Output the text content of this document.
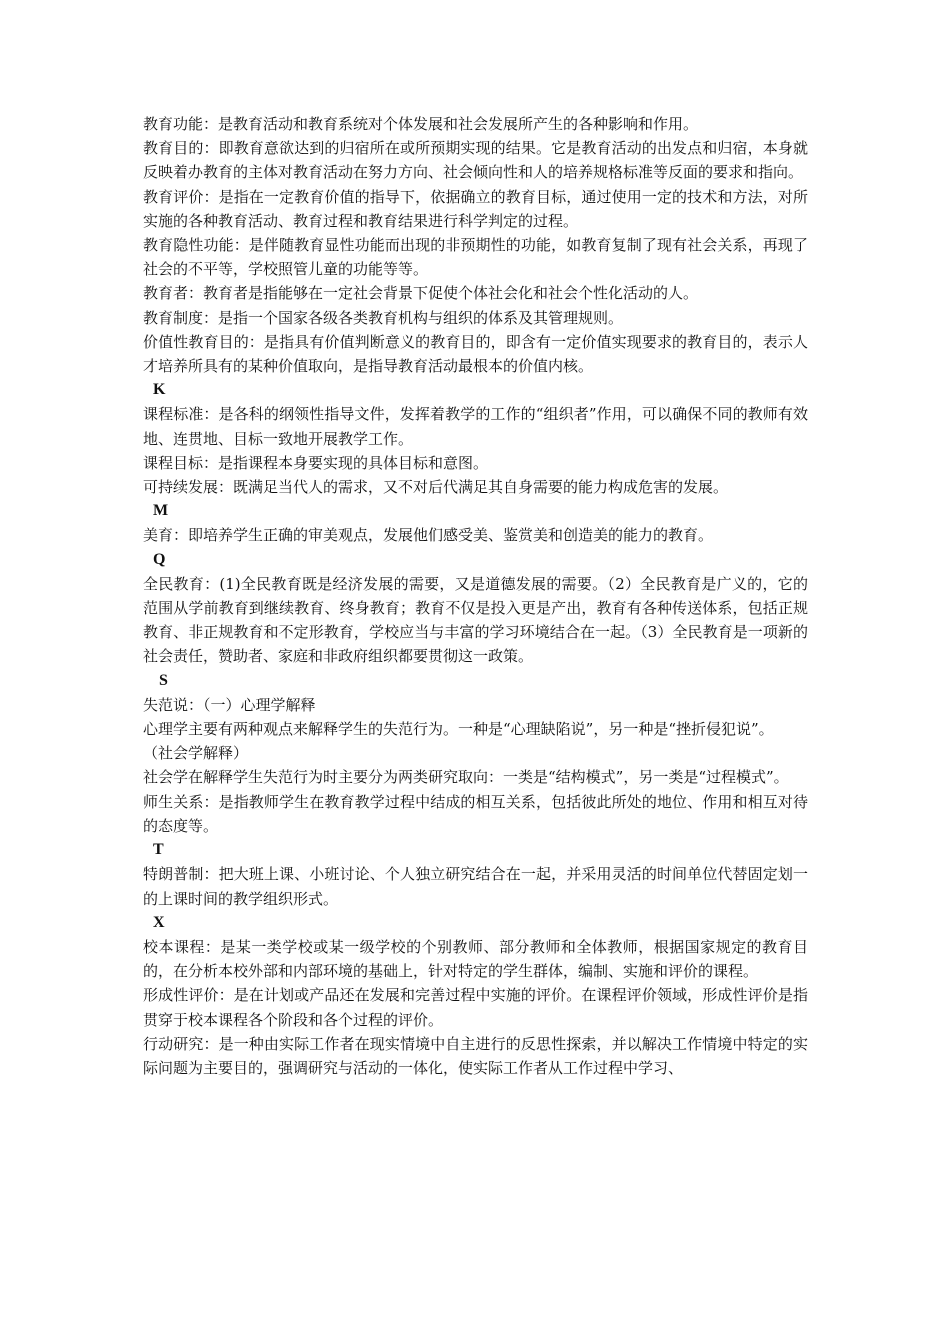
教育功能：是教育活动和教育系统对个体发展和社会发展所产生的各种影响和作用。

教育目的：即教育意欲达到的归宿所在或所预期实现的结果。它是教育活动的出发点和归宿，本身就反映着办教育的主体对教育活动在努力方向、社会倾向性和人的培养规格标准等反面的要求和指向。

教育评价：是指在一定教育价值的指导下，依据确立的教育目标，通过使用一定的技术和方法，对所实施的各种教育活动、教育过程和教育结果进行科学判定的过程。

教育隐性功能：是伴随教育显性功能而出现的非预期性的功能，如教育复制了现有社会关系，再现了社会的不平等，学校照管儿童的功能等等。

教育者：教育者是指能够在一定社会背景下促使个体社会化和社会个性化活动的人。

教育制度：是指一个国家各级各类教育机构与组织的体系及其管理规则。

价值性教育目的：是指具有价值判断意义的教育目的，即含有一定价值实现要求的教育目的，表示人才培养所具有的某种价值取向，是指导教育活动最根本的价值内核。

K

课程标准：是各科的纲领性指导文件，发挥着教学的工作的“组织者”作用，可以确保不同的教师有效地、连贯地、目标一致地开展教学工作。

课程目标：是指课程本身要实现的具体目标和意图。

可持续发展：既满足当代人的需求，又不对后代满足其自身需要的能力构成危害的发展。

M

美育：即培养学生正确的审美观点，发展他们感受美、鉴赏美和创造美的能力的教育。

Q

全民教育：(1)全民教育既是经济发展的需要，又是道德发展的需要。（2）全民教育是广义的，它的范围从学前教育到继续教育、终身教育；教育不仅是投入更是产出，教育有各种传送体系，包括正规教育、非正规教育和不定形教育，学校应当与丰富的学习环境结合在一起。（3）全民教育是一项新的社会责任，赞助者、家庭和非政府组织都要贯彻这一政策。

S

失范说：（一）心理学解释

心理学主要有两种观点来解释学生的失范行为。一种是“心理缺陷说”，另一种是“挫折侵犯说”。

（社会学解释）

社会学在解释学生失范行为时主要分为两类研究取向：一类是“结构模式”，另一类是“过程模式”。

师生关系：是指教师学生在教育教学过程中结成的相互关系，包括彼此所处的地位、作用和相互对待的态度等。

T

特朗普制：把大班上课、小班讨论、个人独立研究结合在一起，并采用灵活的时间单位代替固定划一的上课时间的教学组织形式。

X

校本课程：是某一类学校或某一级学校的个别教师、部分教师和全体教师，根据国家规定的教育目的，在分析本校外部和内部环境的基础上，针对特定的学生群体，编制、实施和评价的课程。

形成性评价：是在计划或产品还在发展和完善过程中实施的评价。在课程评价领域，形成性评价是指贯穿于校本课程各个阶段和各个过程的评价。

行动研究：是一种由实际工作者在现实情境中自主进行的反思性探索，并以解决工作情境中特定的实际问题为主要目的，强调研究与活动的一体化，使实际工作者从工作过程中学习、
